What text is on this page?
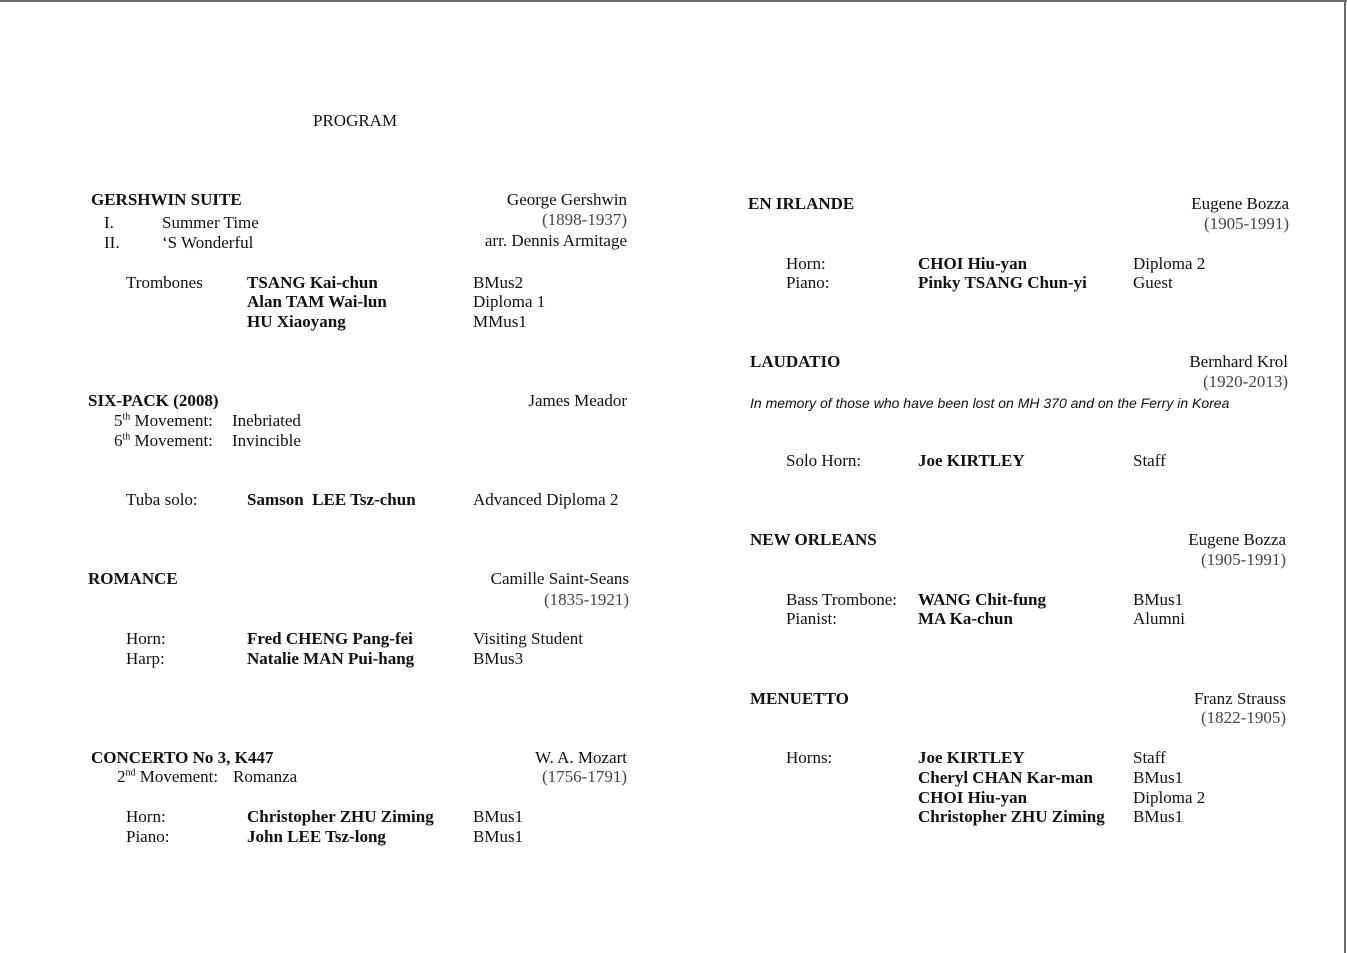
PROGRAM
GERSHWIN SUITE	George Gershwin
(1898-1937)
arr. Dennis Armitage
I.	Summer Time
II. ‘S Wonderful
Trombones	TSANG Kai-chun	BMus2
Alan TAM Wai-lun	Diploma 1
HU Xiaoyang	MMus1
SIX-PACK (2008)	James Meador
5th Movement: Inebriated
6th Movement: Invincible
Tuba solo:	Samson  LEE Tsz-chun	Advanced Diploma 2
ROMANCE	Camille Saint-Seans
(1835-1921)
Horn:	Fred CHENG Pang-fei	Visiting Student
Harp:	Natalie MAN Pui-hang	BMus3
CONCERTO No 3, K447	W. A. Mozart
(1756-1791)
2nd Movement: Romanza
Horn:	Christopher ZHU Ziming BMus1
Piano:	John LEE Tsz-long	BMus1
EN IRLANDE	Eugene Bozza
(1905-1991)
Horn:	CHOI Hiu-yan	Diploma 2
Piano:	Pinky TSANG Chun-yi	Guest
LAUDATIO	Bernhard Krol
(1920-2013)
In memory of those who have been lost on MH 370 and on the Ferry in Korea
Solo Horn:	Joe KIRTLEY	Staff
NEW ORLEANS	Eugene Bozza
(1905-1991)
Bass Trombone: WANG Chit-fung	BMus1
Pianist:	MA Ka-chun	Alumni
MENUETTO	Franz Strauss
(1822-1905)
Horns:	Joe KIRTLEY	Staff
Cheryl CHAN Kar-man BMus1
CHOI Hiu-yan	Diploma 2
Christopher ZHU Ziming BMus1
